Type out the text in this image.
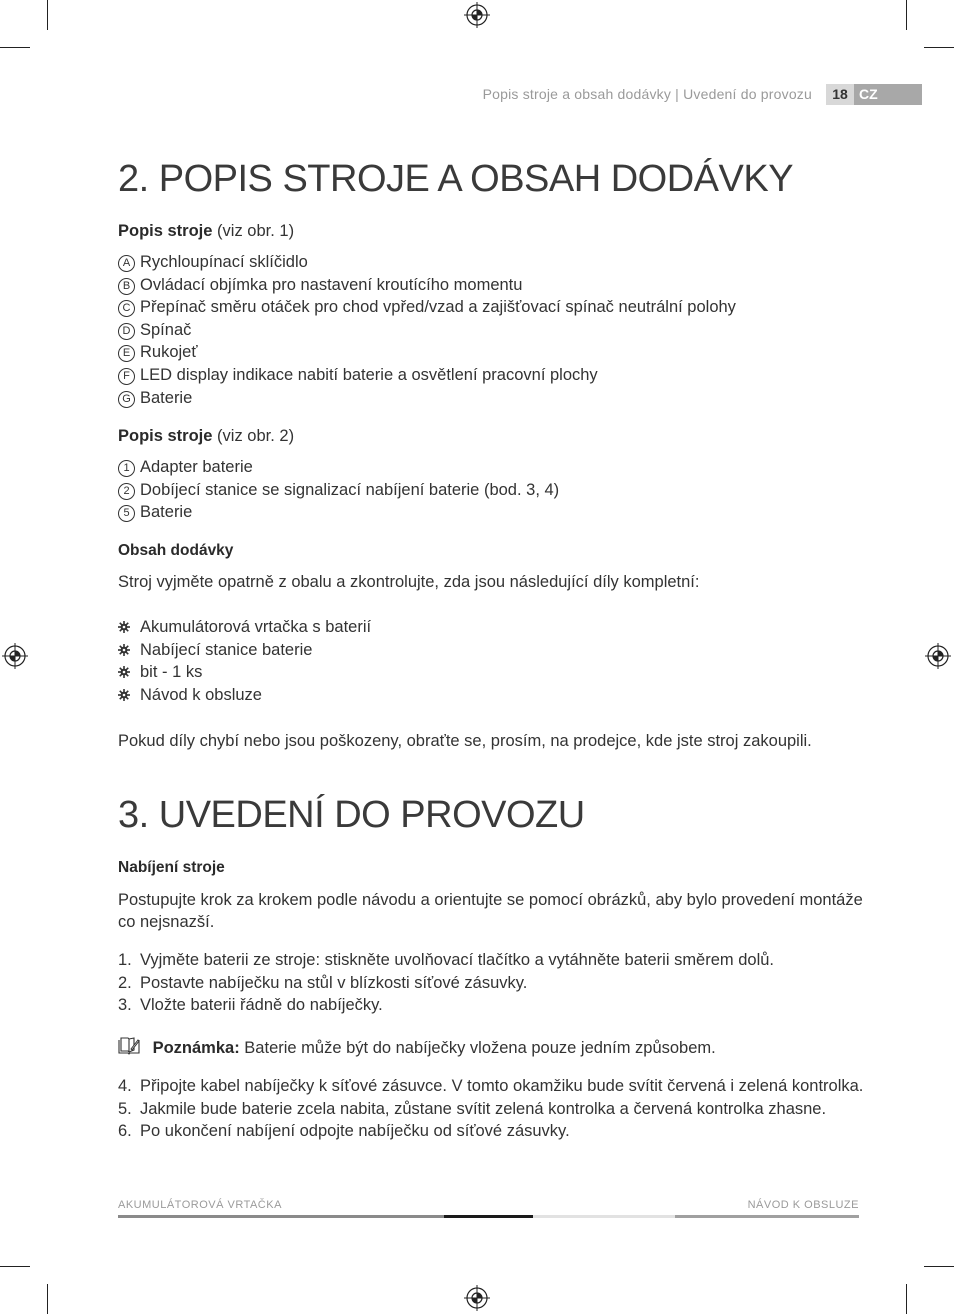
Popis stroje a obsah dodávky | Uvedení do provozu	18 CZ
2. POPIS STROJE A OBSAH DODÁVKY
Popis stroje (viz obr. 1)
A Rychloupínací sklíčidlo
B Ovládací objímka pro nastavení kroutícího momentu
C Přepínač směru otáček pro chod vpřed/vzad a zajišťovací spínač neutrální polohy
D Spínač
E Rukojeť
F LED display indikace nabití baterie a osvětlení pracovní plochy
G Baterie
Popis stroje (viz obr. 2)
1 Adapter baterie
2 Dobíjecí stanice se signalizací nabíjení baterie (bod. 3, 4)
5 Baterie
Obsah dodávky
Stroj vyjměte opatrně z obalu a zkontrolujte, zda jsou následující díly kompletní:
Akumulátorová vrtačka s baterií
Nabíjecí stanice baterie
bit - 1 ks
Návod k obsluze
Pokud díly chybí nebo jsou poškozeny, obraťte se, prosím, na prodejce, kde jste stroj zakoupili.
3. UVEDENÍ DO PROVOZU
Nabíjení stroje
Postupujte krok za krokem podle návodu a orientujte se pomocí obrázků, aby bylo provedení montáže
co nejsnazší.
1. Vyjměte baterii ze stroje: stiskněte uvolňovací tlačítko a vytáhněte baterii směrem dolů.
2. Postavte nabíječku na stůl v blízkosti síťové zásuvky.
3. Vložte baterii řádně do nabíječky.
Poznámka: Baterie může být do nabíječky vložena pouze jedním způsobem.
4. Připojte kabel nabíječky k síťové zásuvce. V tomto okamžiku bude svítit červená i zelená kontrolka.
5. Jakmile bude baterie zcela nabita, zůstane svítit zelená kontrolka a červená kontrolka zhasne.
6. Po ukončení nabíjení odpojte nabíječku od síťové zásuvky.
AKUMULÁTOROVÁ VRTAČKA	NÁVOD K OBSLUZE
